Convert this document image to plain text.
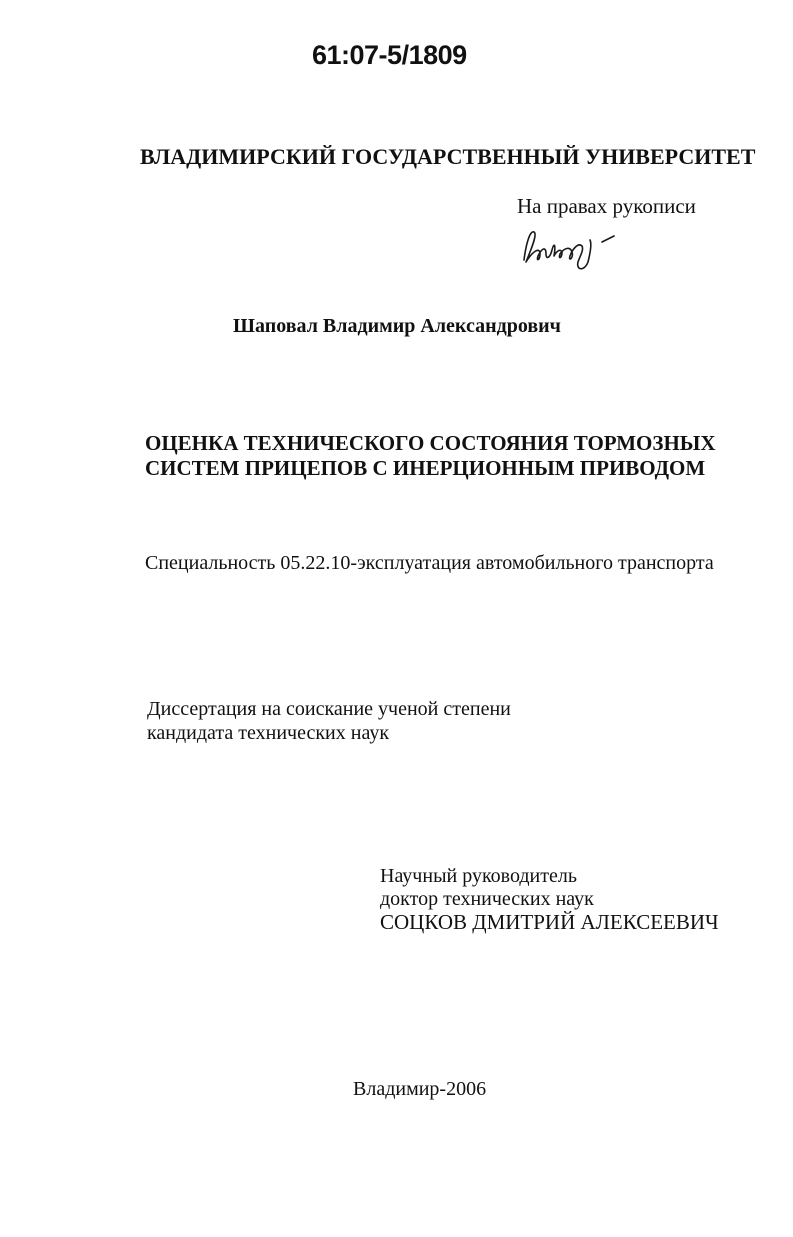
61:07-5/1809
ВЛАДИМИРСКИЙ ГОСУДАРСТВЕННЫЙ УНИВЕРСИТЕТ
На правах рукописи
Шаповал Владимир Александрович
ОЦЕНКА ТЕХНИЧЕСКОГО СОСТОЯНИЯ ТОРМОЗНЫХ
СИСТЕМ ПРИЦЕПОВ С ИНЕРЦИОННЫМ ПРИВОДОМ
Специальность 05.22.10-эксплуатация автомобильного транспорта
Диссертация на соискание ученой степени
кандидата технических наук
Научный руководитель
доктор технических наук
СОЦКОВ ДМИТРИЙ АЛЕКСЕЕВИЧ
Владимир-2006
